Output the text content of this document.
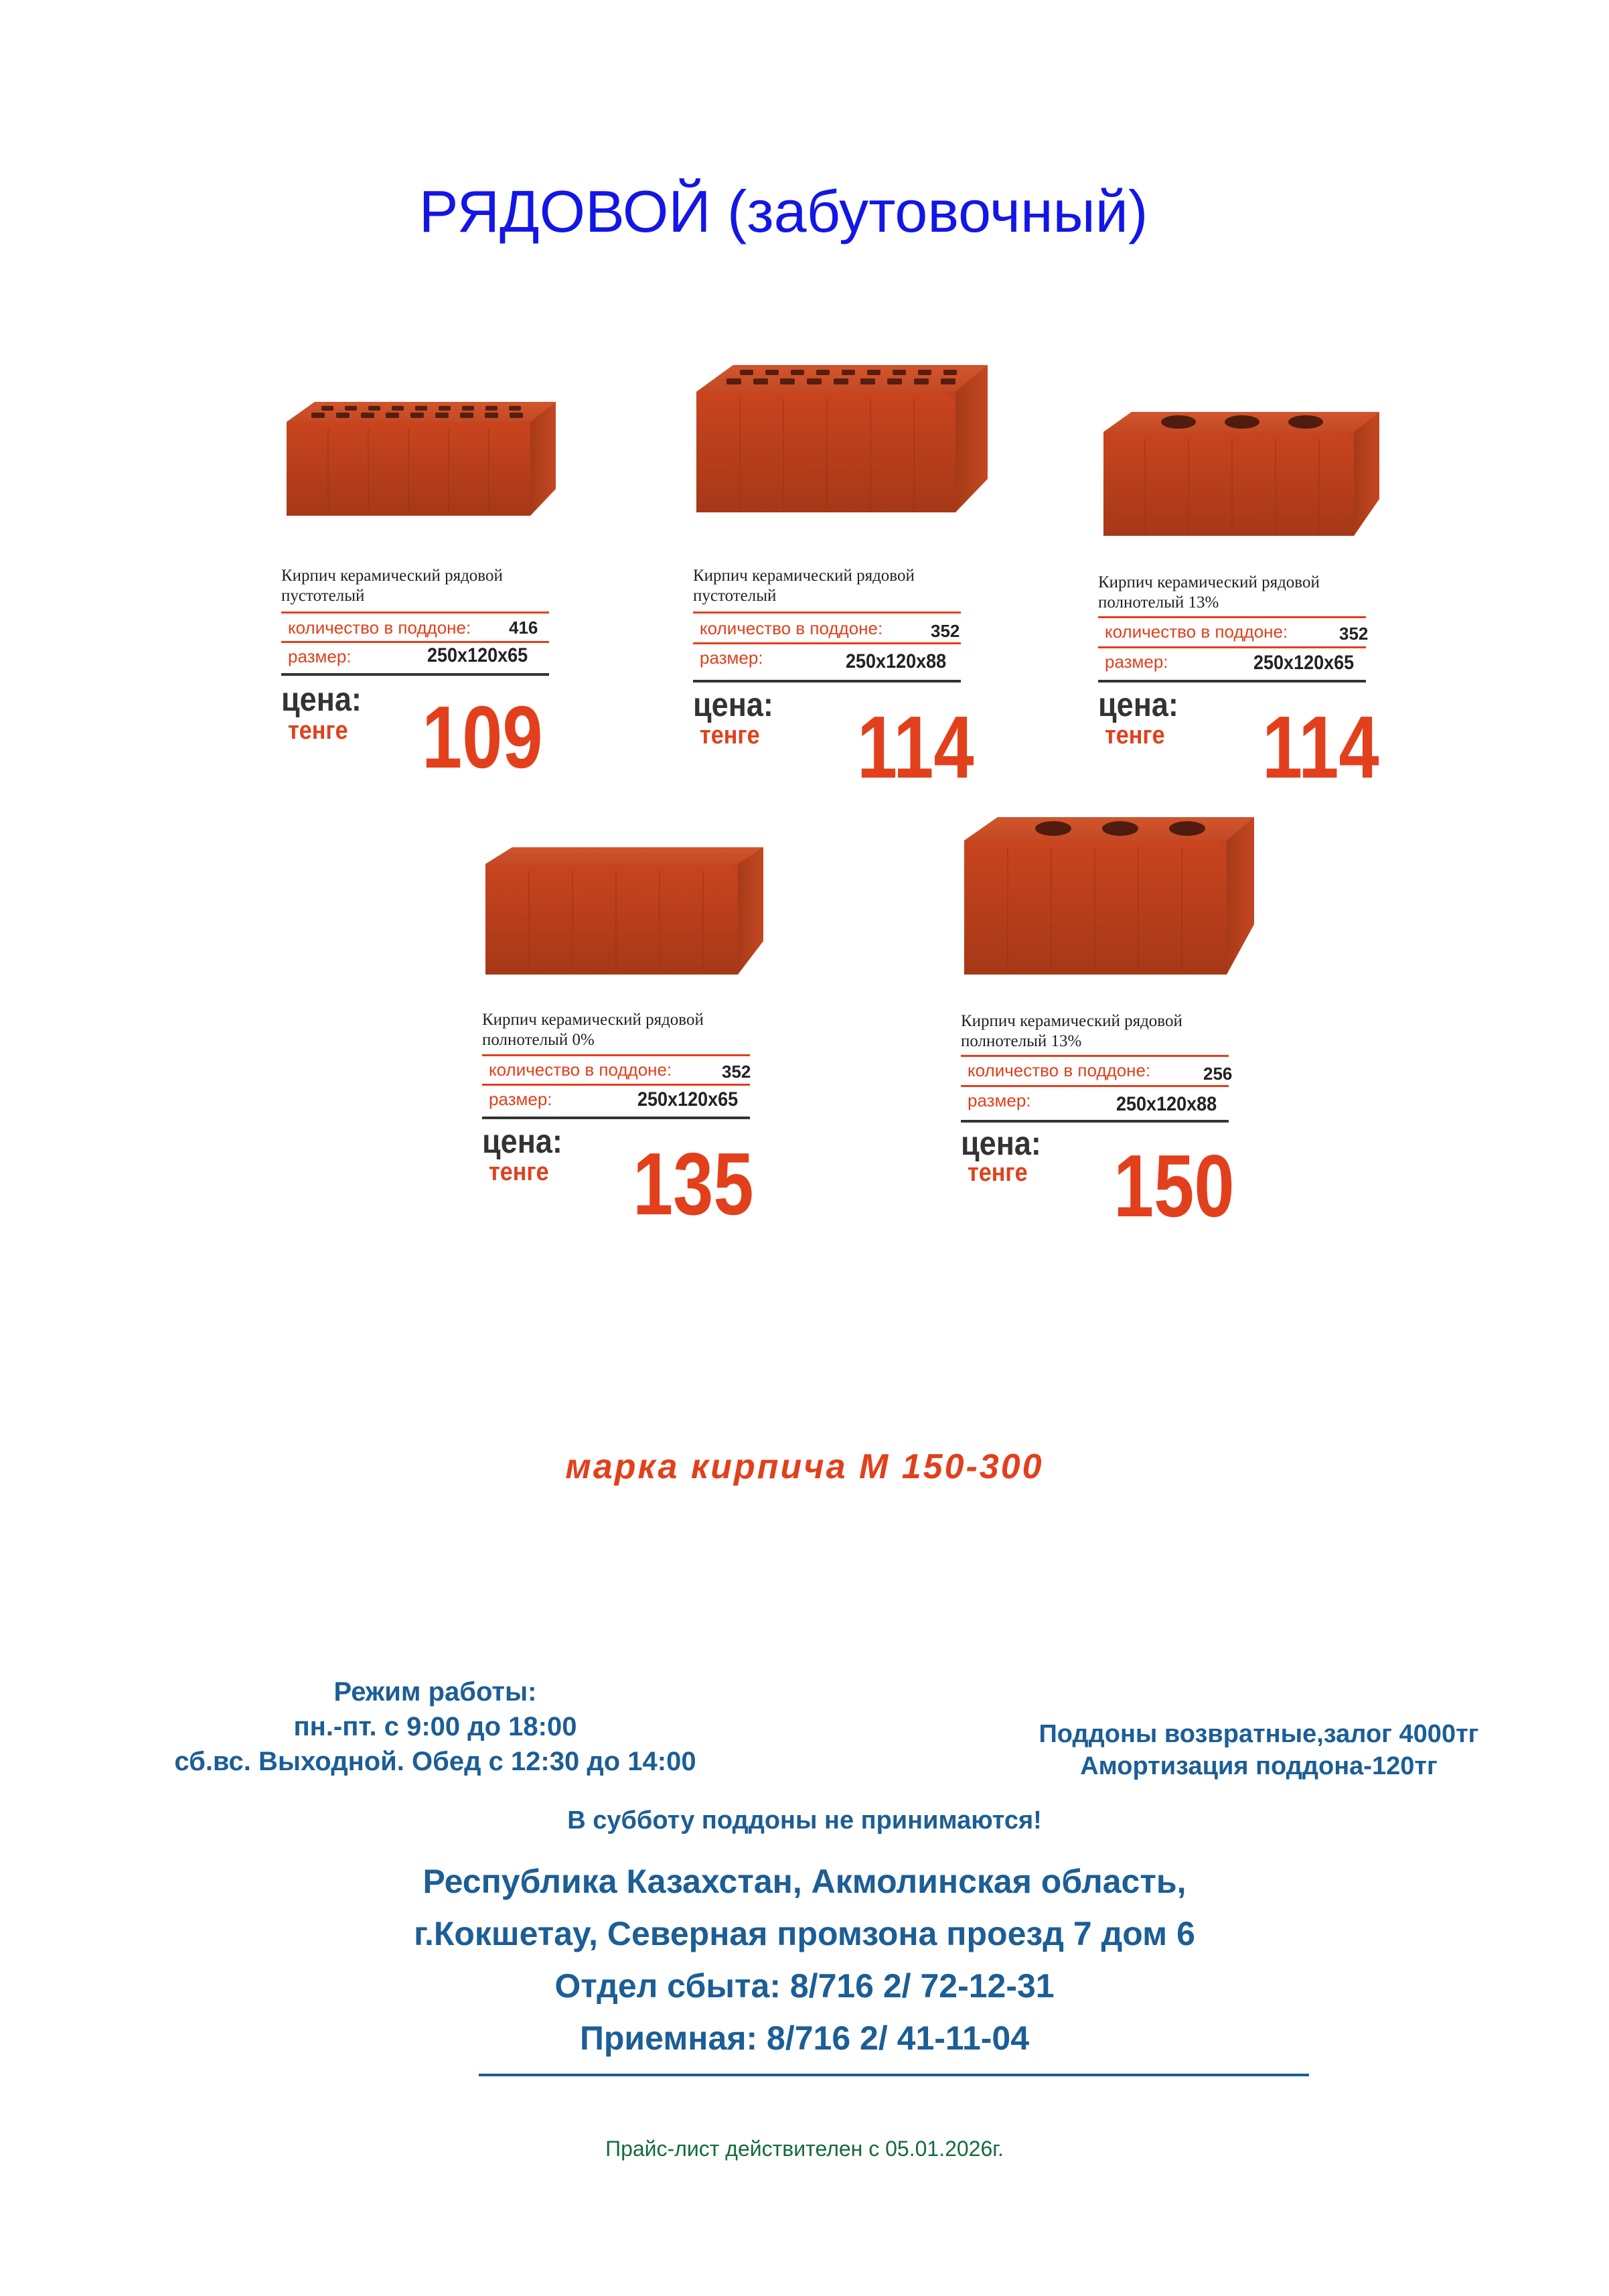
РЯДОВОЙ (забутовочный)
Кирпич керамический рядовой пустотелый
количество в поддоне: 416
размер:	250х120х65
цена:
тенге 109
Кирпич керамический рядовой пустотелый
количество в поддоне:	352
размер:	250х120х88
цена:
тенге 114
Кирпич керамический рядовой полнотелый 13%
количество в поддоне:	352
размер:	250х120х65
цена:
тенге 114
Кирпич керамический рядовой полнотелый 0%
количество в поддоне:	352
размер:	250х120х65
цена:
тенге 135
Кирпич керамический рядовой полнотелый 13%
количество в поддоне:	256
размер:	250х120х88
цена:
тенге 150
марка кирпича М 150-300
Режим работы:
пн.-пт. с 9:00 до 18:00
сб.вс. Выходной. Обед с 12:30 до 14:00
Поддоны возвратные,залог 4000тг
Амортизация поддона-120тг
В субботу поддоны не принимаются!
Республика Казахстан, Акмолинская область,
г.Кокшетау, Северная промзона проезд 7 дом 6
Отдел сбыта: 8/716 2/ 72-12-31
Приемная: 8/716 2/ 41-11-04
Прайс-лист действителен с 05.01.2026г.
